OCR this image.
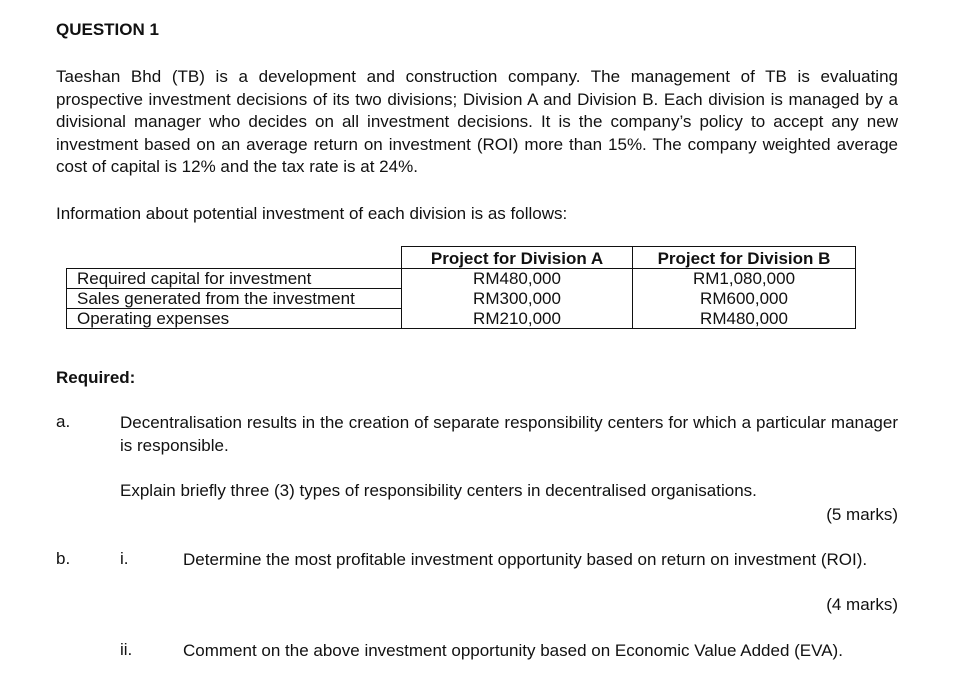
QUESTION 1
Taeshan Bhd (TB) is a development and construction company. The management of TB is evaluating prospective investment decisions of its two divisions; Division A and Division B. Each division is managed by a divisional manager who decides on all investment decisions. It is the company’s policy to accept any new investment based on an average return on investment (ROI) more than 15%. The company weighted average cost of capital is 12% and the tax rate is at 24%.
Information about potential investment of each division is as follows:
	Project for Division A	Project for Division B
Required capital for investment	RM480,000	RM1,080,000
Sales generated from the investment	RM300,000	RM600,000
Operating expenses	RM210,000	RM480,000
Required:
a.	Decentralisation results in the creation of separate responsibility centers for which a particular manager is responsible.
Explain briefly three (3) types of responsibility centers in decentralised organisations.
(5 marks)
b.	i.	Determine the most profitable investment opportunity based on return on investment (ROI).
(4 marks)
ii.	Comment on the above investment opportunity based on Economic Value Added (EVA).
